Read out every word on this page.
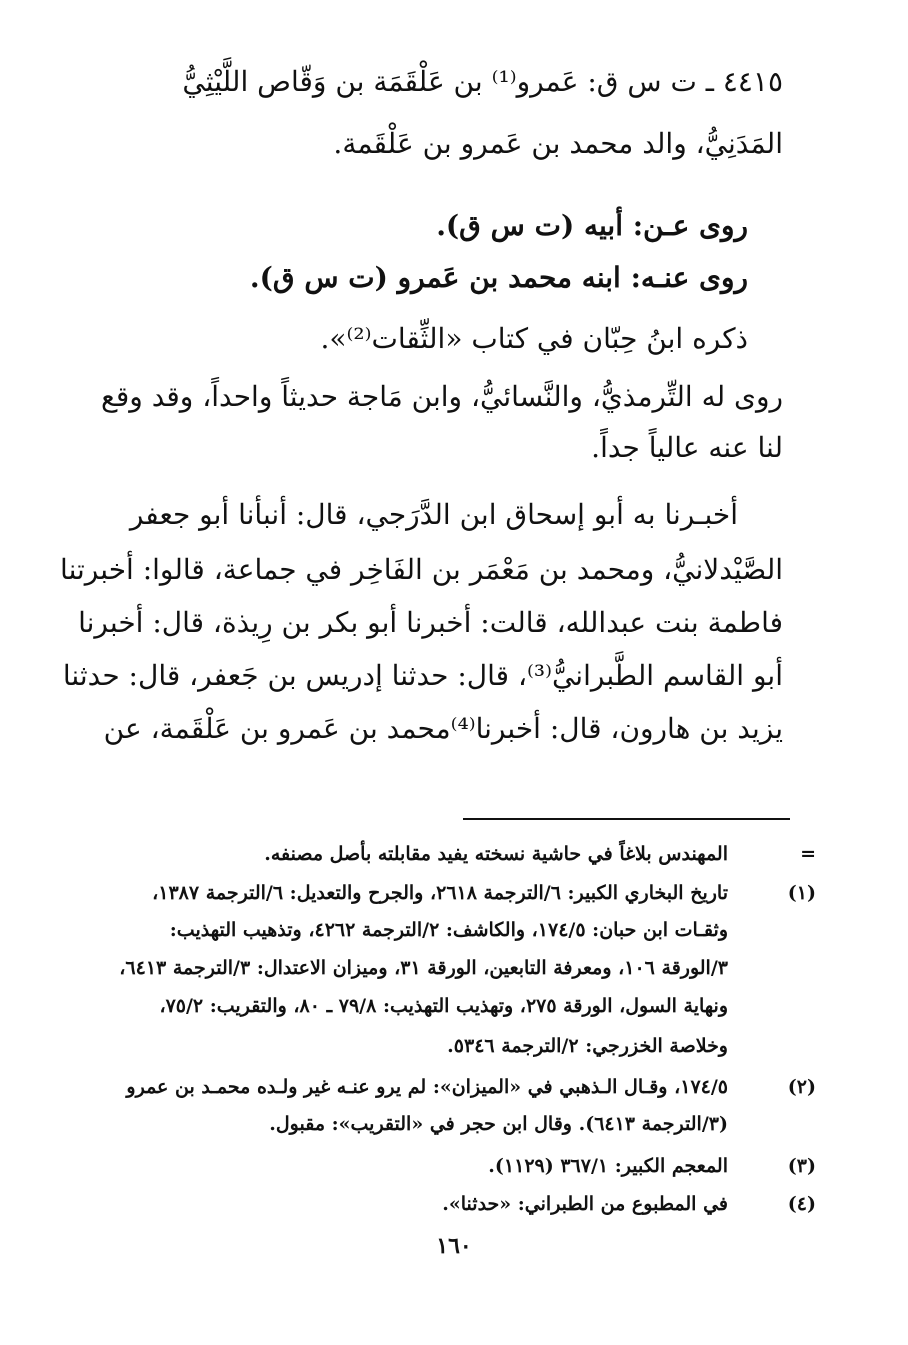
٤٤١٥ ـ ت س ق: عَمرو⁽¹⁾ بن عَلْقَمَة بن وَقّاص اللَّيْثِيُّ
المَدَنِيُّ، والد محمد بن عَمرو بن عَلْقَمة.
روى عـن: أبيه (ت س ق).
روى عنـه: ابنه محمد بن عَمرو (ت س ق).
ذكره ابنُ حِبّان في كتاب «الثِّقات⁽²⁾».
روى له التِّرمذيُّ، والنَّسائيُّ، وابن مَاجة حديثاً واحداً، وقد وقع
لنا عنه عالياً جداً.
أخبـرنا به أبو إسحاق ابن الدَّرَجي، قال: أنبأنا أبو جعفر
الصَّيْدلانيُّ، ومحمد بن مَعْمَر بن الفَاخِر في جماعة، قالوا: أخبرتنا
فاطمة بنت عبدالله، قالت: أخبرنا أبو بكر بن رِيذة، قال: أخبرنا
أبو القاسم الطَّبرانيُّ⁽³⁾، قال: حدثنا إدريس بن جَعفر، قال: حدثنا
يزيد بن هارون، قال: أخبرنا⁽⁴⁾محمد بن عَمرو بن عَلْقَمة، عن
=
المهندس بلاغاً في حاشية نسخته يفيد مقابلته بأصل مصنفه.
(١)
تاريخ البخاري الكبير: ٦/الترجمة ٢٦١٨، والجرح والتعديل: ٦/الترجمة ١٣٨٧،
وثقـات ابن حبان: ١٧٤/٥، والكاشف: ٢/الترجمة ٤٢٦٢، وتذهيب التهذيب:
٣/الورقة ١٠٦، ومعرفة التابعين، الورقة ٣١، وميزان الاعتدال: ٣/الترجمة ٦٤١٣،
ونهاية السول، الورقة ٢٧٥، وتهذيب التهذيب: ٧٩/٨ ـ ٨٠، والتقريب: ٧٥/٢،
وخلاصة الخزرجي: ٢/الترجمة ٥٣٤٦.
(٢)
١٧٤/٥، وقـال الـذهبي في «الميزان»: لم يرو عنـه غير ولـده محمـد بن عمرو
(٣/الترجمة ٦٤١٣). وقال ابن حجر في «التقريب»: مقبول.
(٣)
المعجم الكبير: ٣٦٧/١ (١١٢٩).
(٤)
في المطبوع من الطبراني: «حدثنا».
١٦٠
